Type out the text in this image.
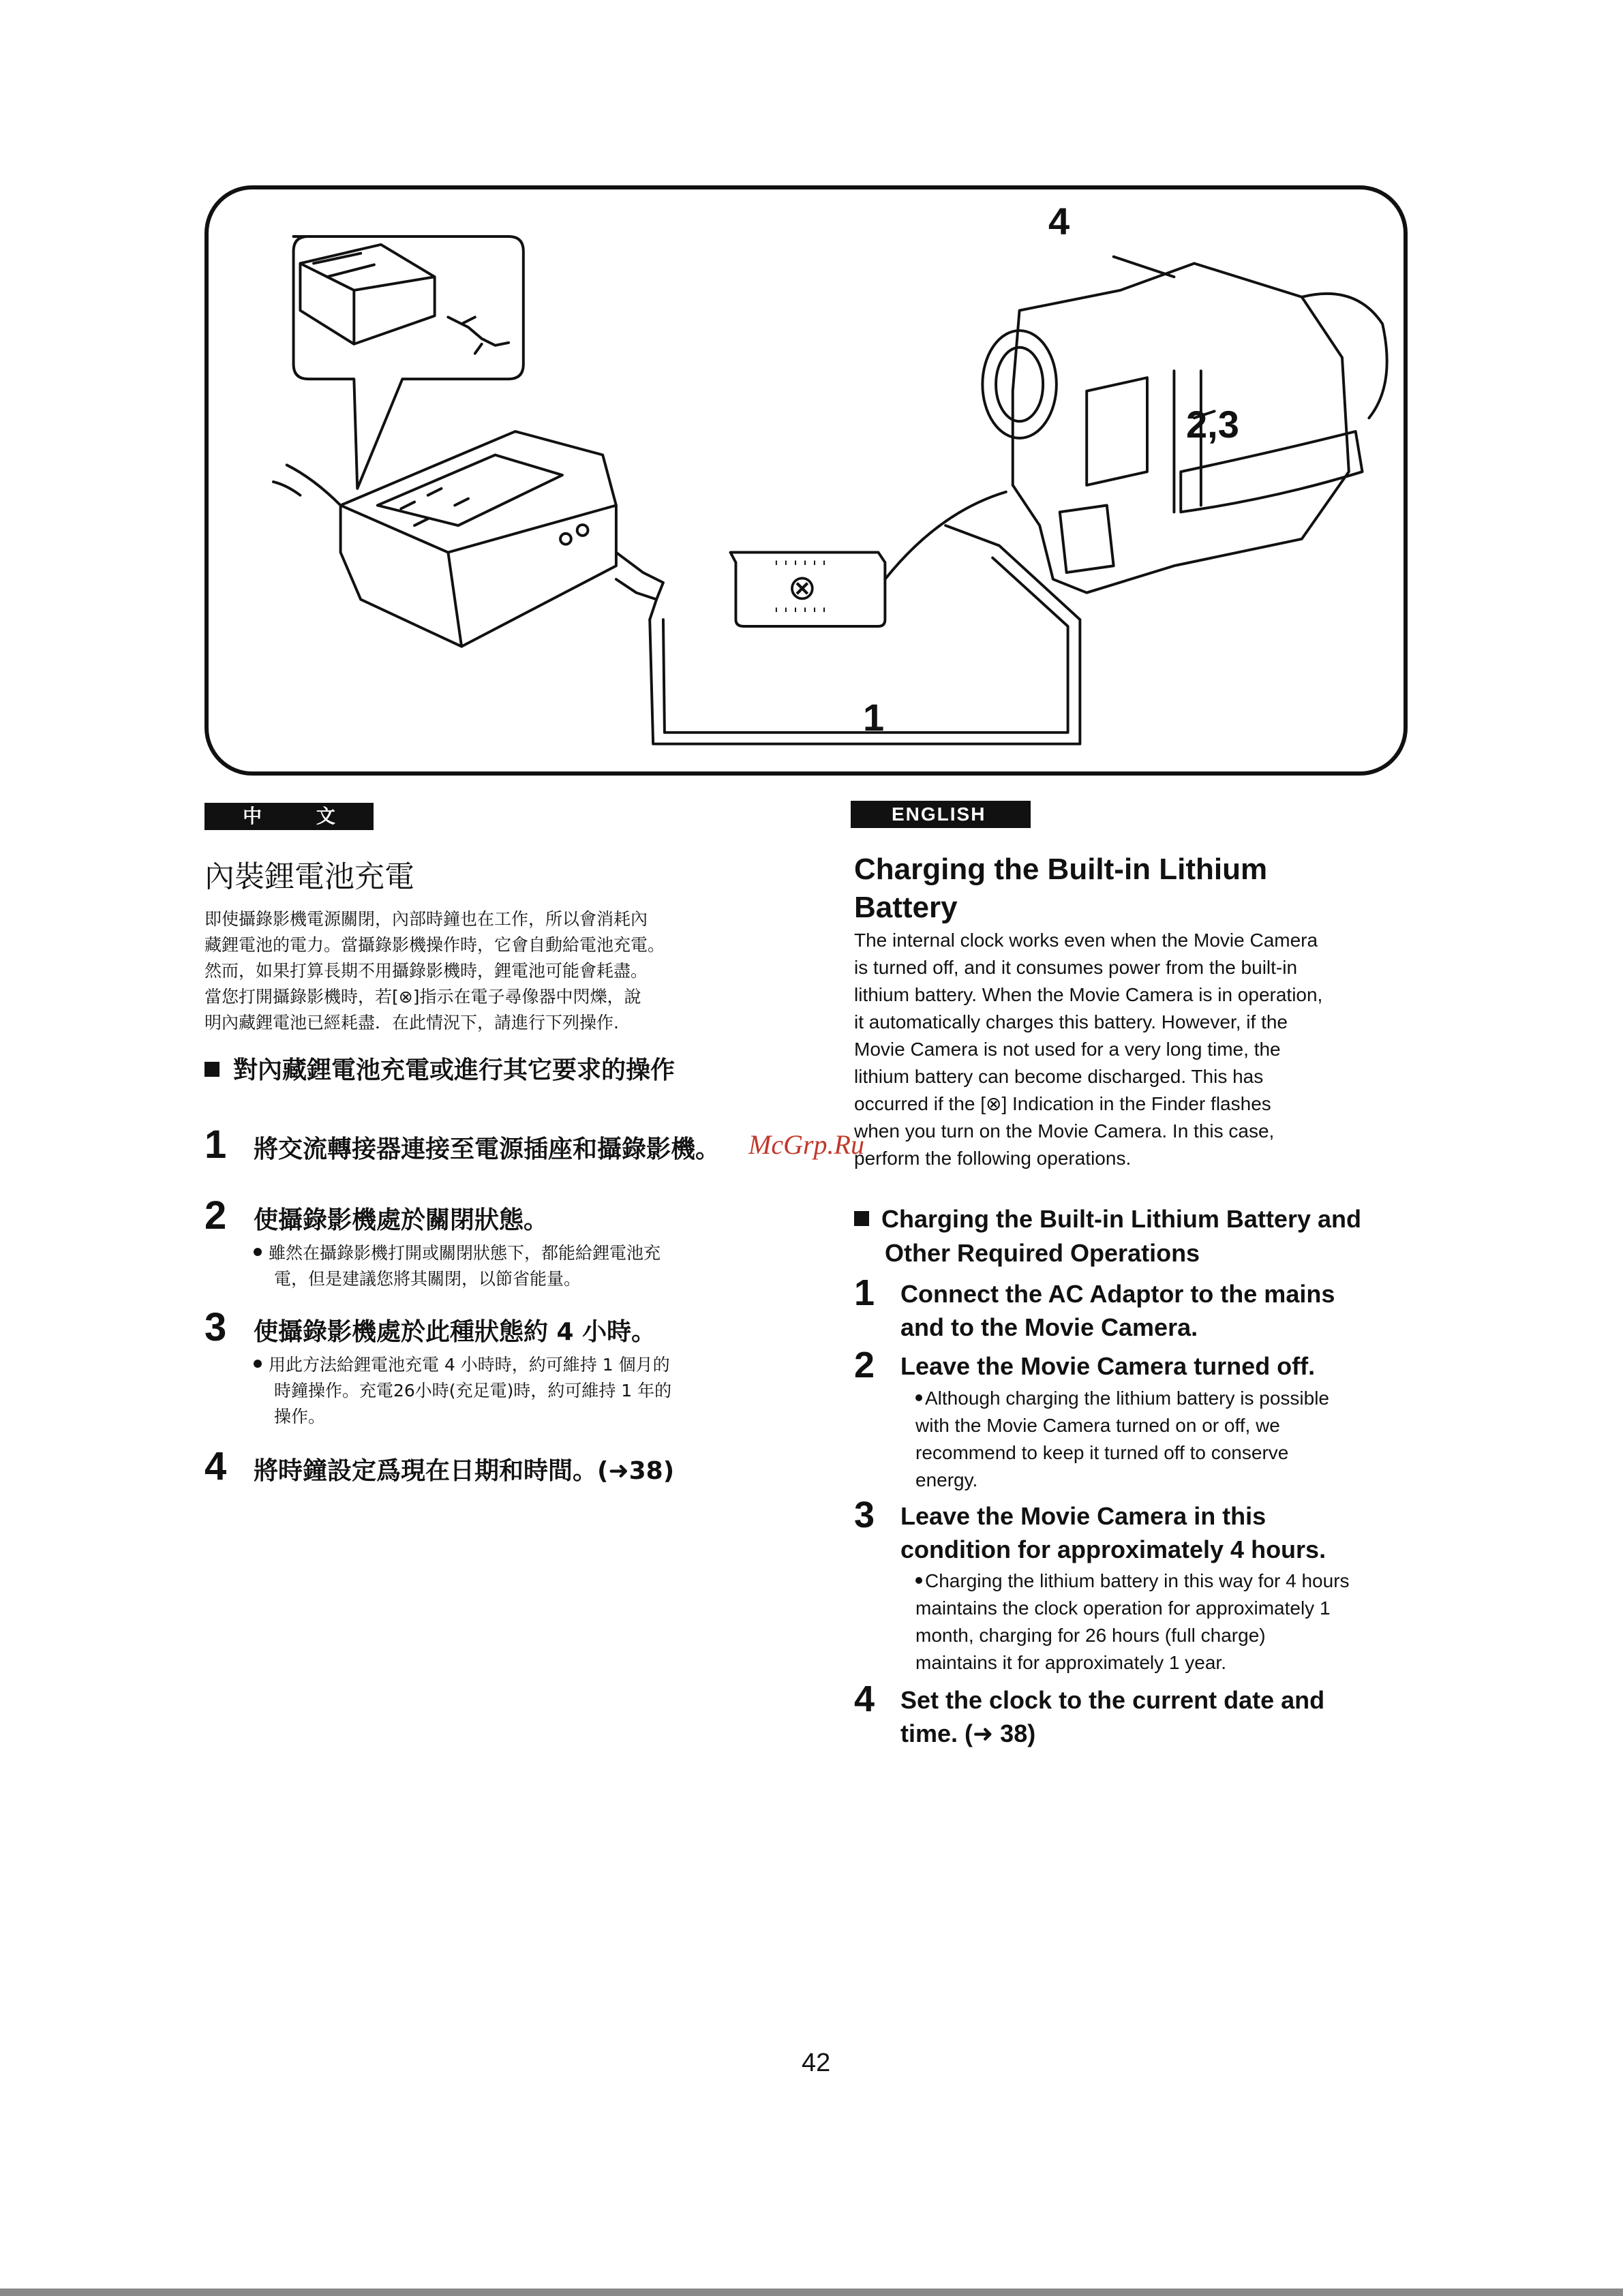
⊗
' ' ' ' ' '
' ' ' ' ' '
4
2,3
1
中 文	ENGLISH
內裝鋰電池充電
即使攝錄影機電源關閉，內部時鐘也在工作，所以會消耗內
藏鋰電池的電力。當攝錄影機操作時，它會自動給電池充電。
然而，如果打算長期不用攝錄影機時，鋰電池可能會耗盡。
當您打開攝錄影機時，若[⊗]指示在電子尋像器中閃爍，說
明內藏鋰電池已經耗盡．在此情況下，請進行下列操作.
對內藏鋰電池充電或進行其它要求的操作
1 將交流轉接器連接至電源插座和攝錄影機。
2 使攝錄影機處於關閉狀態。
雖然在攝錄影機打開或關閉狀態下，都能給鋰電池充
電，但是建議您將其關閉，以節省能量。
3 使攝錄影機處於此種狀態約 4 小時。
用此方法給鋰電池充電 4 小時時，約可維持 1 個月的
時鐘操作。充電26小時(充足電)時，約可維持 1 年的
操作。
4 將時鐘設定爲現在日期和時間。(➜38)
Charging the Built-in Lithium
Battery
The internal clock works even when the Movie Camera
is turned off, and it consumes power from the built-in
lithium battery. When the Movie Camera is in operation,
it automatically charges this battery. However, if the
Movie Camera is not used for a very long time, the
lithium battery can become discharged. This has
occurred if the [⊗] Indication in the Finder flashes
when you turn on the Movie Camera. In this case,
perform the following operations.
Charging the Built-in Lithium Battery and
Other Required Operations
1 Connect the AC Adaptor to the mains
and to the Movie Camera.
2 Leave the Movie Camera turned off.
Although charging the lithium battery is possible
with the Movie Camera turned on or off, we
recommend to keep it turned off to conserve
energy.
3 Leave the Movie Camera in this
condition for approximately 4 hours.
Charging the lithium battery in this way for 4 hours
maintains the clock operation for approximately 1
month, charging for 26 hours (full charge)
maintains it for approximately 1 year.
4 Set the clock to the current date and
time. (➜ 38)
McGrp.Ru
42
